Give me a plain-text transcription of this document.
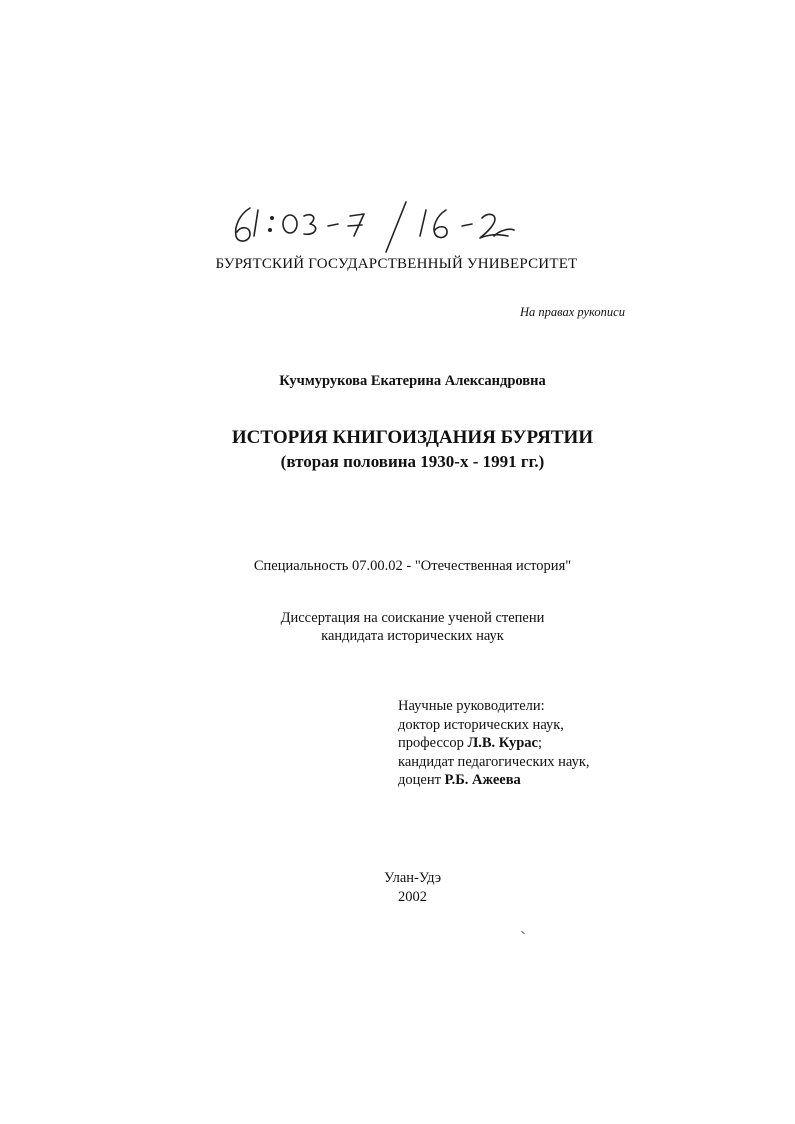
БУРЯТСКИЙ ГОСУДАРСТВЕННЫЙ УНИВЕРСИТЕТ
На правах рукописи
Кучмурукова Екатерина Александровна
ИСТОРИЯ КНИГОИЗДАНИЯ БУРЯТИИ
(вторая половина 1930-х - 1991 гг.)
Специальность 07.00.02 - "Отечественная история"
Диссертация на соискание ученой степени
кандидата исторических наук
Научные руководители:
доктор исторических наук,
профессор Л.В. Курас;
кандидат педагогических наук,
доцент Р.Б. Ажеева
Улан-Удэ
2002
